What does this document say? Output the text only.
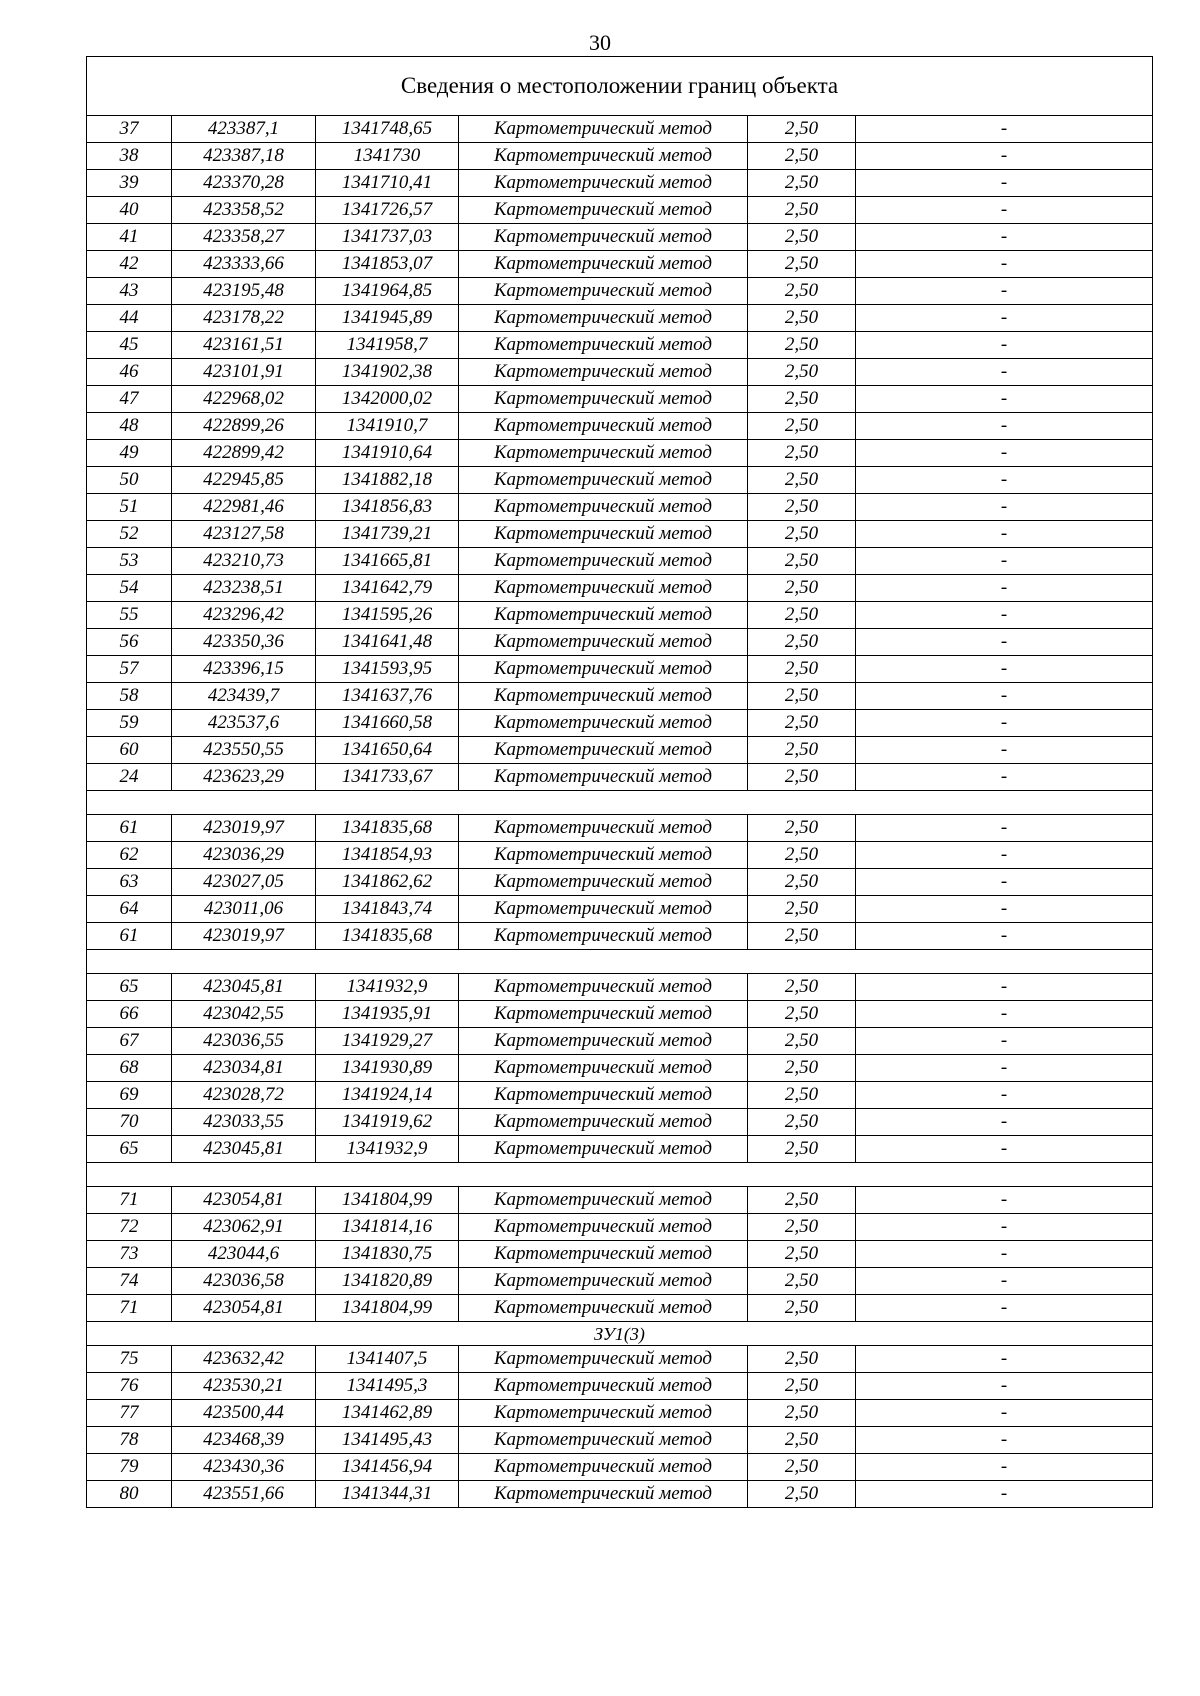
30
Сведения о местоположении границ объекта					
37	423387,1	1341748,65	Картометрический метод	2,50	-
38	423387,18	1341730	Картометрический метод	2,50	-
39	423370,28	1341710,41	Картометрический метод	2,50	-
40	423358,52	1341726,57	Картометрический метод	2,50	-
41	423358,27	1341737,03	Картометрический метод	2,50	-
42	423333,66	1341853,07	Картометрический метод	2,50	-
43	423195,48	1341964,85	Картометрический метод	2,50	-
44	423178,22	1341945,89	Картометрический метод	2,50	-
45	423161,51	1341958,7	Картометрический метод	2,50	-
46	423101,91	1341902,38	Картометрический метод	2,50	-
47	422968,02	1342000,02	Картометрический метод	2,50	-
48	422899,26	1341910,7	Картометрический метод	2,50	-
49	422899,42	1341910,64	Картометрический метод	2,50	-
50	422945,85	1341882,18	Картометрический метод	2,50	-
51	422981,46	1341856,83	Картометрический метод	2,50	-
52	423127,58	1341739,21	Картометрический метод	2,50	-
53	423210,73	1341665,81	Картометрический метод	2,50	-
54	423238,51	1341642,79	Картометрический метод	2,50	-
55	423296,42	1341595,26	Картометрический метод	2,50	-
56	423350,36	1341641,48	Картометрический метод	2,50	-
57	423396,15	1341593,95	Картометрический метод	2,50	-
58	423439,7	1341637,76	Картометрический метод	2,50	-
59	423537,6	1341660,58	Картометрический метод	2,50	-
60	423550,55	1341650,64	Картометрический метод	2,50	-
24	423623,29	1341733,67	Картометрический метод	2,50	-

61	423019,97	1341835,68	Картометрический метод	2,50	-
62	423036,29	1341854,93	Картометрический метод	2,50	-
63	423027,05	1341862,62	Картометрический метод	2,50	-
64	423011,06	1341843,74	Картометрический метод	2,50	-
61	423019,97	1341835,68	Картометрический метод	2,50	-

65	423045,81	1341932,9	Картометрический метод	2,50	-
66	423042,55	1341935,91	Картометрический метод	2,50	-
67	423036,55	1341929,27	Картометрический метод	2,50	-
68	423034,81	1341930,89	Картометрический метод	2,50	-
69	423028,72	1341924,14	Картометрический метод	2,50	-
70	423033,55	1341919,62	Картометрический метод	2,50	-
65	423045,81	1341932,9	Картометрический метод	2,50	-

71	423054,81	1341804,99	Картометрический метод	2,50	-
72	423062,91	1341814,16	Картометрический метод	2,50	-
73	423044,6	1341830,75	Картометрический метод	2,50	-
74	423036,58	1341820,89	Картометрический метод	2,50	-
71	423054,81	1341804,99	Картометрический метод	2,50	-
ЗУ1(3)					
75	423632,42	1341407,5	Картометрический метод	2,50	-
76	423530,21	1341495,3	Картометрический метод	2,50	-
77	423500,44	1341462,89	Картометрический метод	2,50	-
78	423468,39	1341495,43	Картометрический метод	2,50	-
79	423430,36	1341456,94	Картометрический метод	2,50	-
80	423551,66	1341344,31	Картометрический метод	2,50	-
